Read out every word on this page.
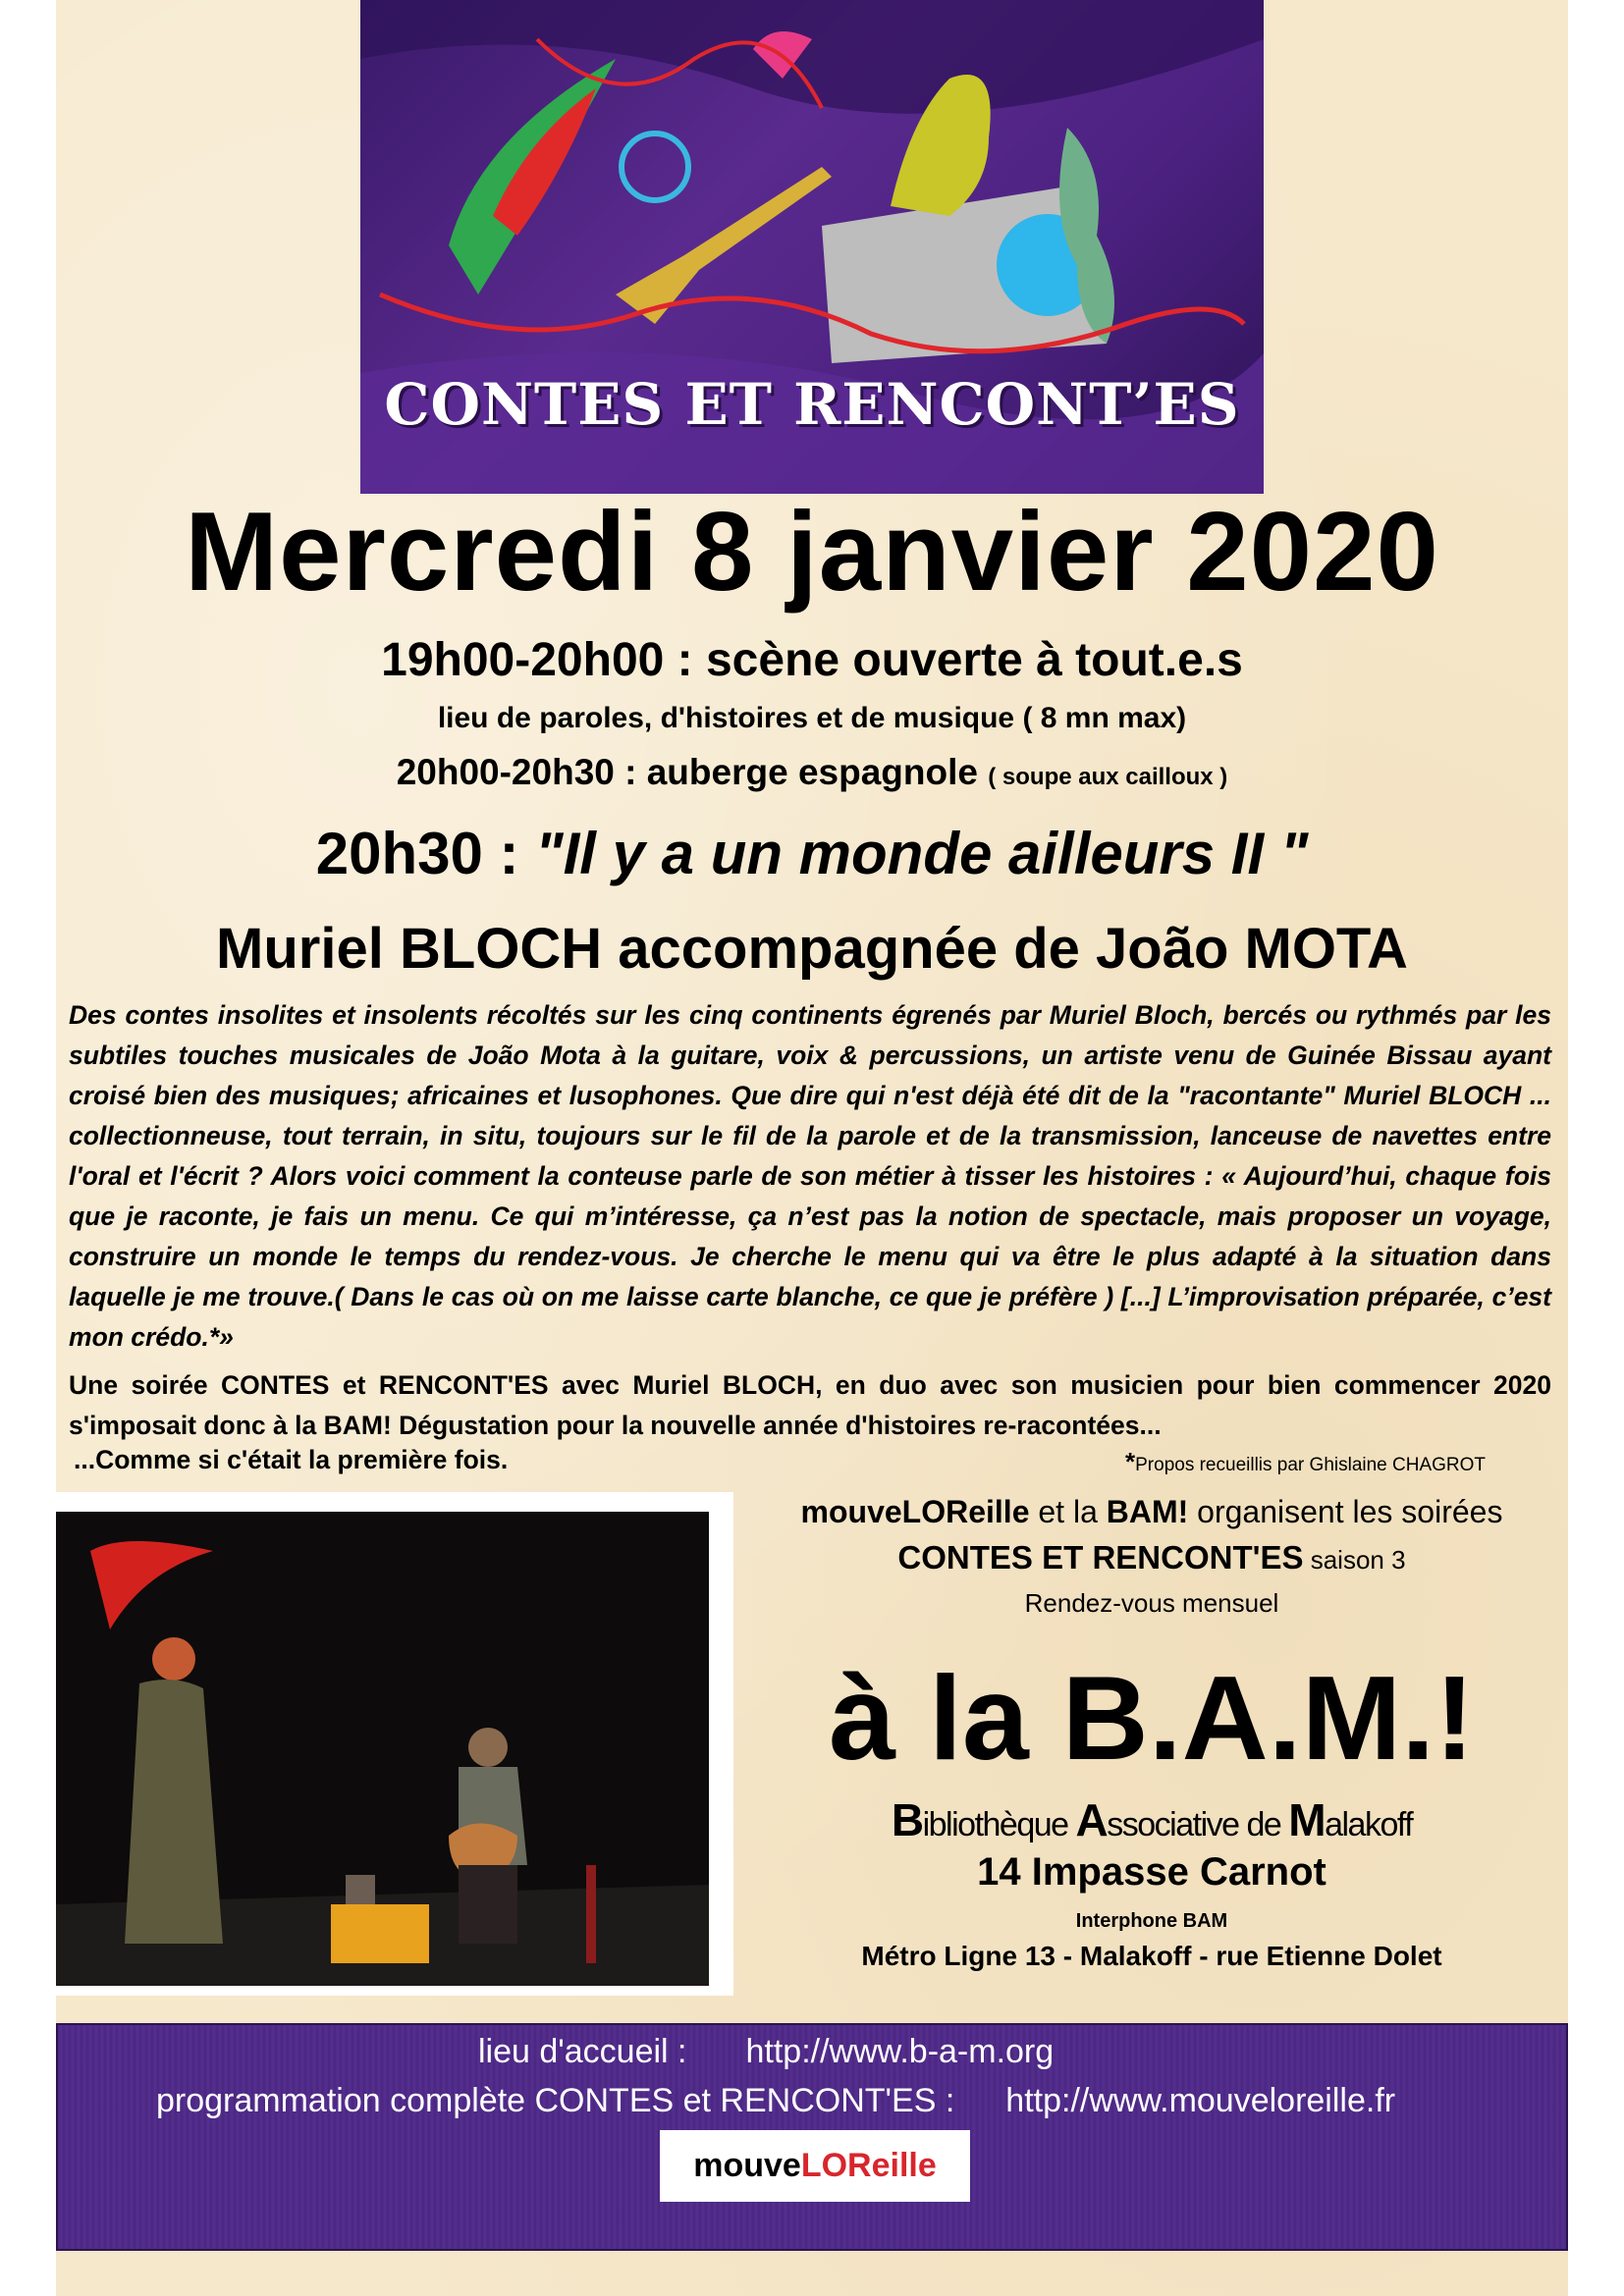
CONTES ET RENCONT’ES
Mercredi 8 janvier 2020
19h00-20h00 : scène ouverte à tout.e.s
lieu de paroles, d'histoires et de musique ( 8 mn max)
20h00-20h30 : auberge espagnole ( soupe aux cailloux )
20h30 : "Il y a un monde ailleurs II "
Muriel BLOCH accompagnée de João MOTA

Des contes insolites et insolents récoltés sur les cinq continents égrenés par Muriel Bloch, bercés ou rythmés par les subtiles touches musicales de João Mota à la guitare, voix & percussions, un artiste venu de Guinée Bissau ayant croisé bien des musiques; africaines et lusophones. Que dire qui n'est déjà été dit de la "racontante" Muriel BLOCH ... collectionneuse, tout terrain, in situ, toujours sur le fil de la parole et de la transmission, lanceuse de navettes entre l'oral et l'écrit ? Alors voici comment la conteuse parle de son métier à tisser les histoires : « Aujourd’hui, chaque fois que je raconte, je fais un menu. Ce qui m’intéresse, ça n’est pas la notion de spectacle, mais proposer un voyage, construire un monde le temps du rendez-vous. Je cherche le menu qui va être le plus adapté à la situation dans laquelle je me trouve.( Dans le cas où on me laisse carte blanche, ce que je préfère ) [...] L’improvisation préparée, c’est mon crédo.*»

Une soirée CONTES et RENCONT'ES avec Muriel BLOCH, en duo avec son musicien pour bien commencer 2020 s'imposait donc à la BAM! Dégustation pour la nouvelle année d'histoires re-racontées...

...Comme si c'était la première fois.	*Propos recueillis par Ghislaine CHAGROT
mouveLOReille et la BAM! organisent les soirées
CONTES ET RENCONT'ES saison 3
Rendez-vous mensuel
à la B.A.M.!
Bibliothèque Associative de Malakoff
14 Impasse Carnot
Interphone BAM
Métro Ligne 13 - Malakoff - rue Etienne Dolet
lieu d'accueil : http://www.b-a-m.org
programmation complète CONTES et RENCONT'ES : http://www.mouveloreille.fr
mouveLOReille
